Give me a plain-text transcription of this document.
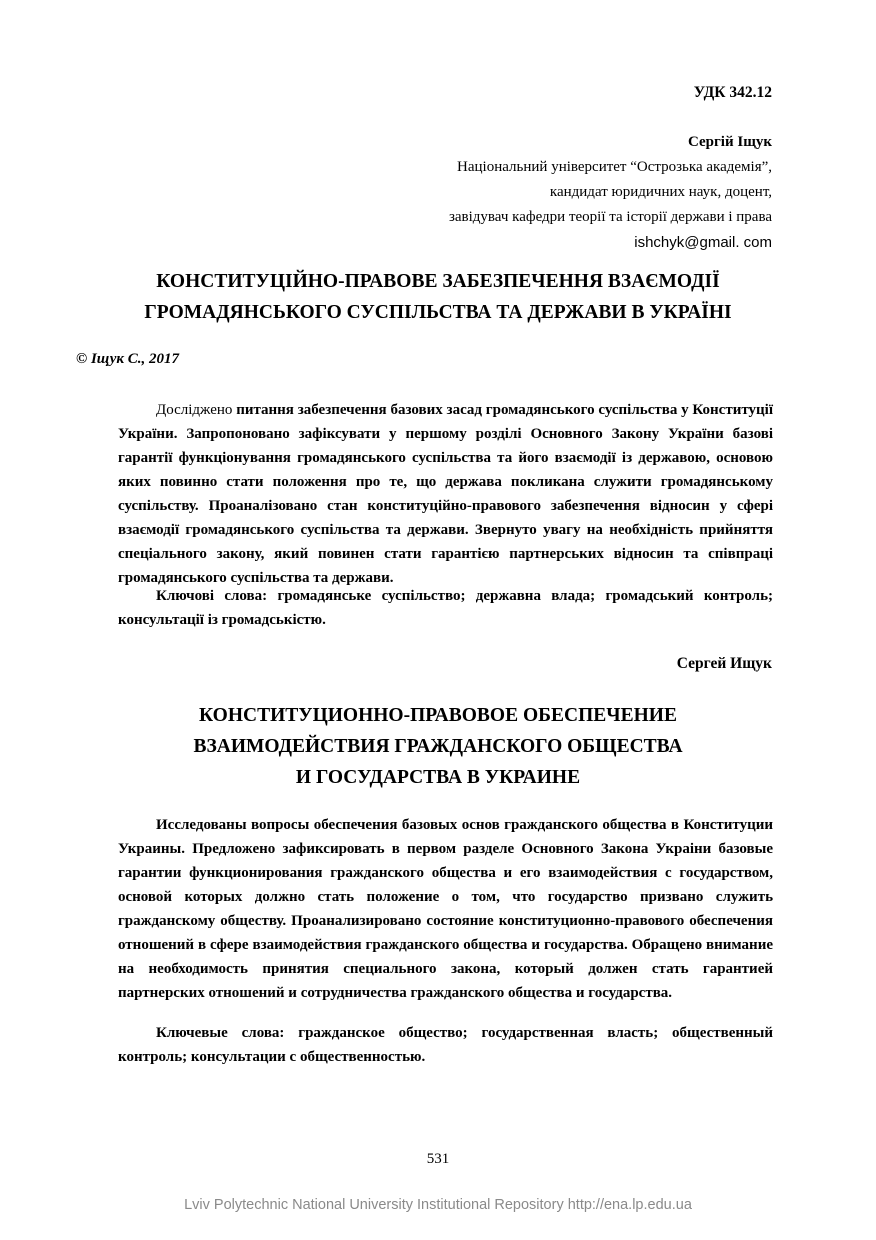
УДК 342.12
Сергій Іщук
Національний університет “Острозька академія”,
кандидат юридичних наук, доцент,
завідувач кафедри теорії та історії держави і права
ishchyk@gmail. com
КОНСТИТУЦІЙНО-ПРАВОВЕ ЗАБЕЗПЕЧЕННЯ ВЗАЄМОДІЇ
ГРОМАДЯНСЬКОГО СУСПІЛЬСТВА ТА ДЕРЖАВИ В УКРАЇНІ
© Іщук С., 2017

Досліджено питання забезпечення базових засад громадянського суспільства у Конституції України. Запропоновано зафіксувати у першому розділі Основного Закону України базові гарантії функціонування громадянського суспільства та його взаємодії із державою, основою яких повинно стати положення про те, що держава покликана служити громадянському суспільству. Проаналізовано стан конституційно-правового забезпечення відносин у сфері взаємодії громадянського суспільства та держави. Звернуто увагу на необхідність прийняття спеціального закону, який повинен стати гарантією партнерських відносин та співпраці громадянського суспільства та держави.

Ключові слова: громадянське суспільство; державна влада; громадський контроль; консультації із громадськістю.

Сергей Ищук
КОНСТИТУЦИОННО-ПРАВОВОЕ ОБЕСПЕЧЕНИЕ
ВЗАИМОДЕЙСТВИЯ ГРАЖДАНСКОГО ОБЩЕСТВА
И ГОСУДАРСТВА В УКРАИНЕ

Исследованы вопросы обеспечения базовых основ гражданского общества в Конституции Украины. Предложено зафиксировать в первом разделе Основного Закона Украіни базовые гарантии функционирования гражданского общества и его взаимодействия с государством, основой которых должно стать положение о том, что государство призвано служить гражданскому обществу. Проанализировано состояние конституционно-правового обеспечения отношений в сфере взаимодействия гражданского общества и государства. Обращено внимание на необходимость принятия специального закона, который должен стать гарантией партнерских отношений и сотрудничества гражданского общества и государства.

Ключевые слова: гражданское общество; государственная власть; общественный контроль; консультации с общественностью.

531
Lviv Polytechnic National University Institutional Repository http://ena.lp.edu.ua
